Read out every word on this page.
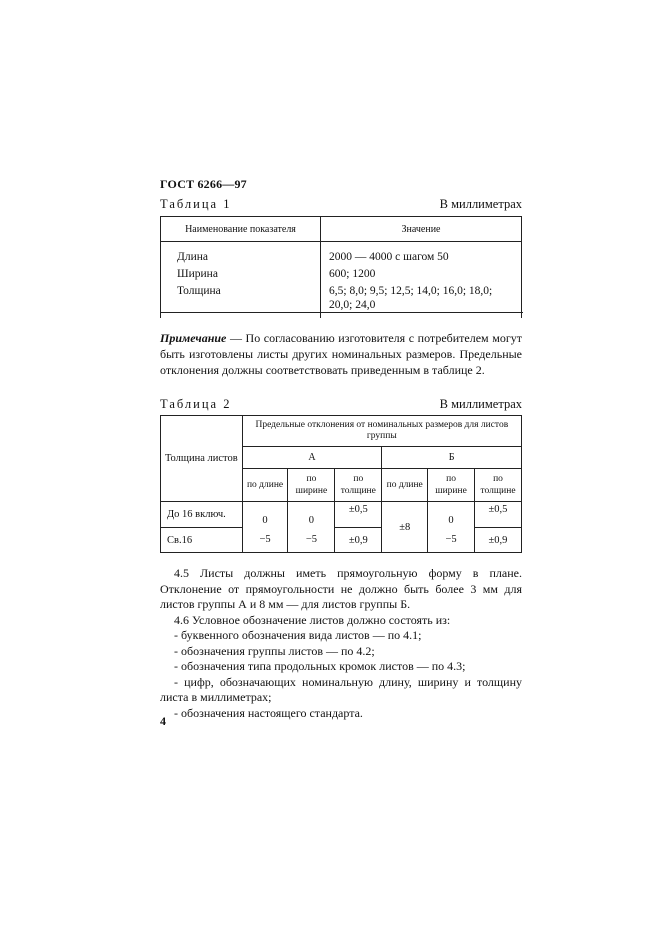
ГОСТ 6266—97
Таблица 1	В миллиметрах
Наименование показателя	Значение
Длина	2000 — 4000 с шагом 50
Ширина	600; 1200
Толщина	6,5; 8,0; 9,5; 12,5; 14,0; 16,0; 18,0; 20,0; 24,0
Примечание — По согласованию изготовителя с потребителем могут быть изготовлены листы других номинальных размеров. Предельные отклонения должны соответствовать приведенным в таблице 2.
Таблица 2	В миллиметрах
Толщина листов	Предельные отклонения от номинальных размеров для листов группы					
	А			Б		
	по длине	по ширине	по толщине	по длине	по ширине	по толщине
До 16 включ.	0	0	±0,5	±8	0	±0,5
Св.16	−5	−5	±0,9		−5	±0,9

4.5 Листы должны иметь прямоугольную форму в плане. Отклонение от прямоугольности не должно быть более 3 мм для листов группы А и 8 мм — для листов группы Б.

4.6 Условное обозначение листов должно состоять из:

- буквенного обозначения вида листов — по 4.1;

- обозначения группы листов — по 4.2;

- обозначения типа продольных кромок листов — по 4.3;

- цифр, обозначающих номинальную длину, ширину и толщину листа в миллиметрах;

- обозначения настоящего стандарта.

4
